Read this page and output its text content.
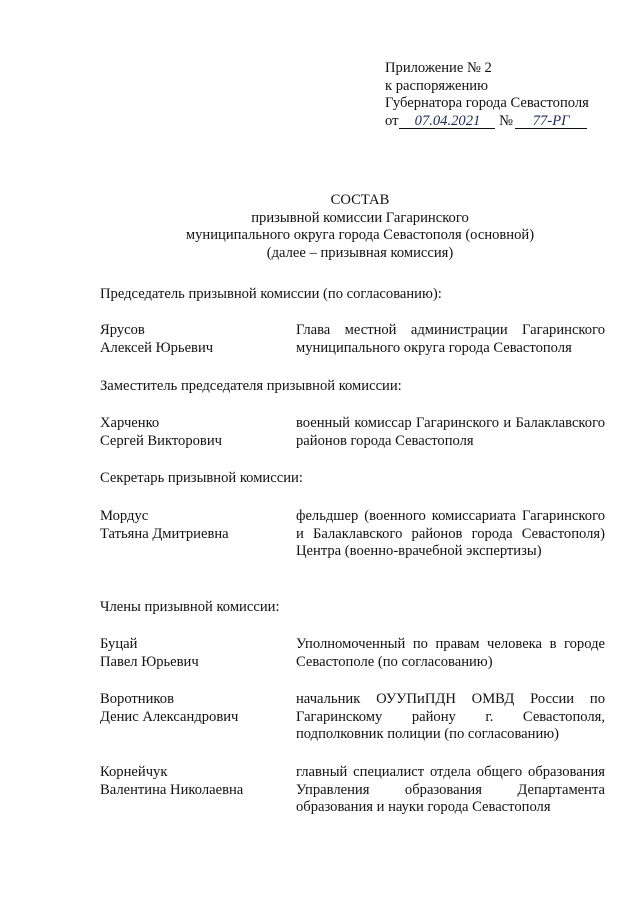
Приложение № 2
к распоряжению
Губернатора города Севастополя
от 07.04.2021 № 77-РГ
СОСТАВ
призывной комиссии Гагаринского
муниципального округа города Севастополя (основной)
(далее – призывная комиссия)
Председатель призывной комиссии (по согласованию):
Ярусов
Алексей Юрьевич
Глава местной администрации Гагаринского муниципального округа города Севастополя
Заместитель председателя призывной комиссии:
Харченко
Сергей Викторович
военный комиссар Гагаринского и Балаклавского районов города Севастополя
Секретарь призывной комиссии:
Мордус
Татьяна Дмитриевна
фельдшер (военного комиссариата Гагаринского и Балаклавского районов города Севастополя) Центра (военно-врачебной экспертизы)
Члены призывной комиссии:
Буцай
Павел Юрьевич
Уполномоченный по правам человека в городе Севастополе (по согласованию)
Воротников
Денис Александрович
начальник ОУУПиПДН ОМВД России по Гагаринскому району г. Севастополя, подполковник полиции (по согласованию)
Корнейчук
Валентина Николаевна
главный специалист отдела общего образования Управления образования Департамента образования и науки города Севастополя
